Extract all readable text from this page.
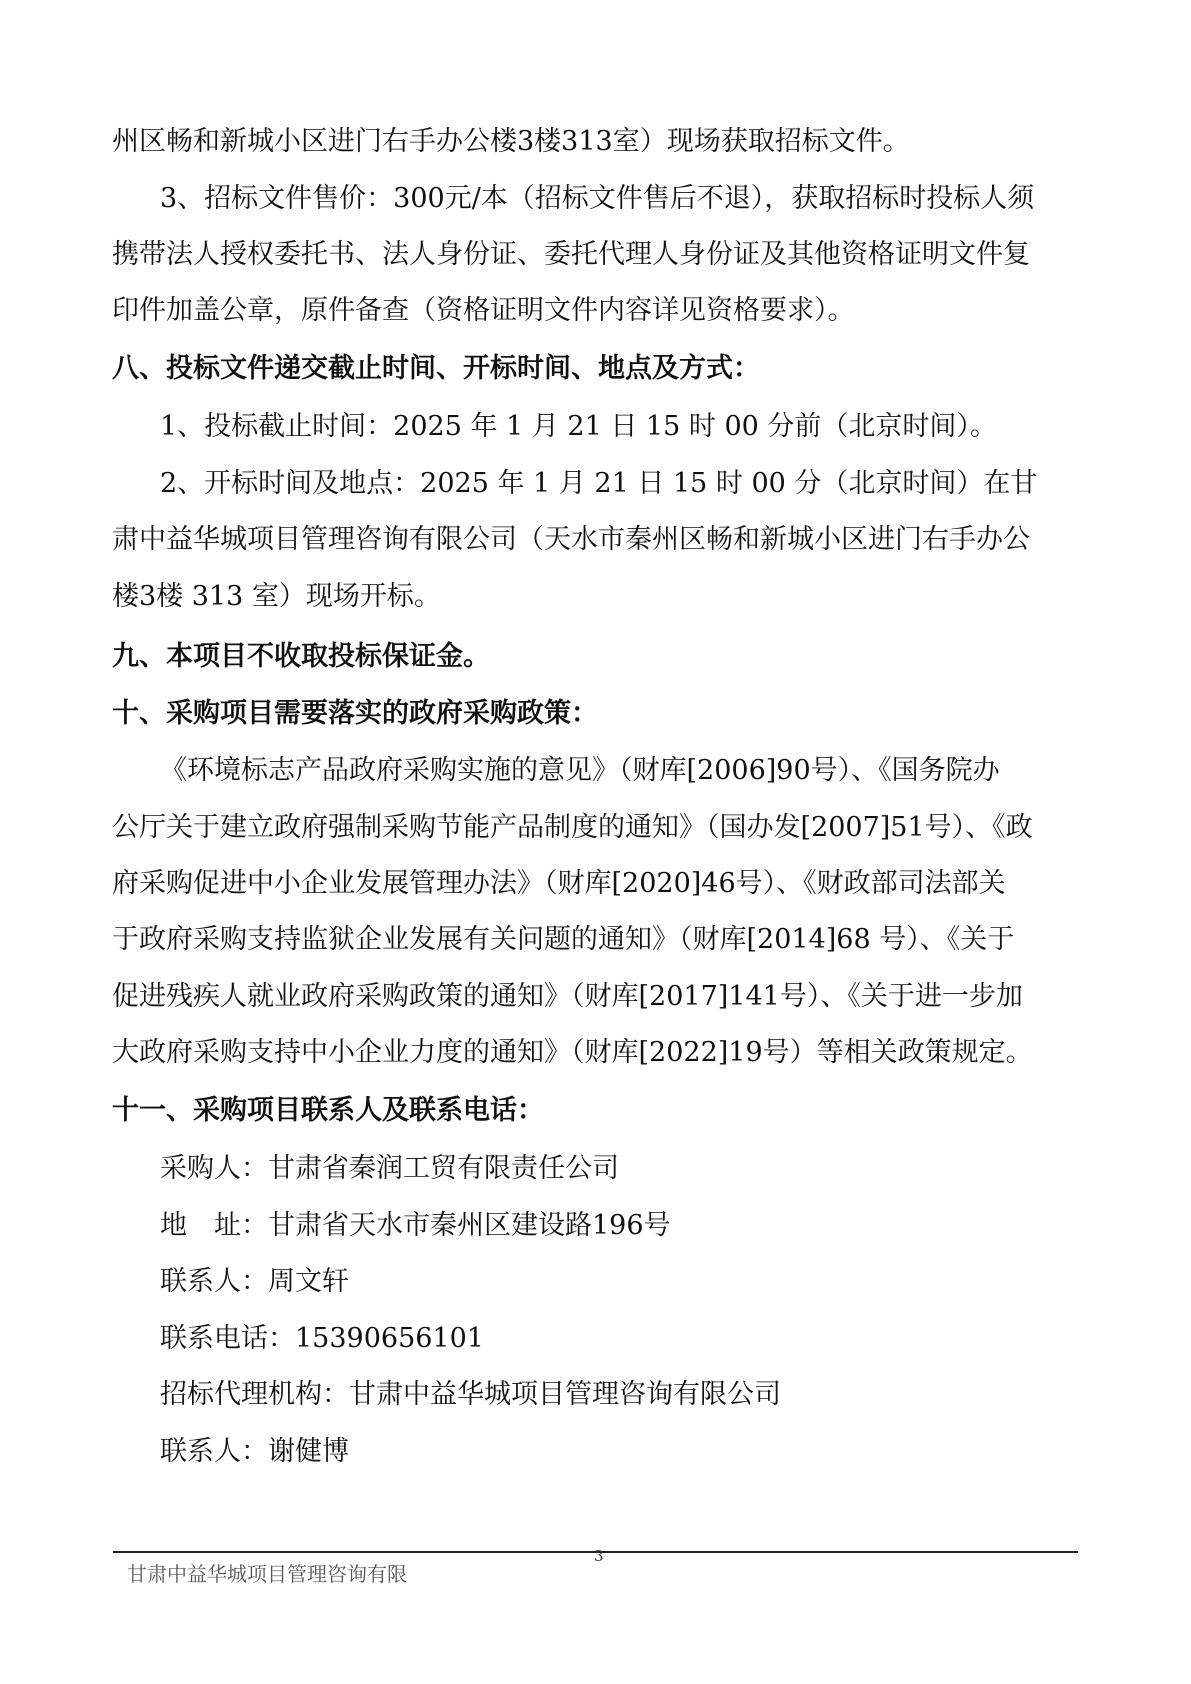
州区畅和新城小区进门右手办公楼3楼313室）现场获取招标文件。
3、招标文件售价：300元/本（招标文件售后不退），获取招标时投标人须
携带法人授权委托书、法人身份证、委托代理人身份证及其他资格证明文件复
印件加盖公章，原件备查（资格证明文件内容详见资格要求）。
八、投标文件递交截止时间、开标时间、地点及方式：
1、投标截止时间：2025 年 1 月 21 日 15 时 00 分前（北京时间）。
2、开标时间及地点：2025 年 1 月 21 日 15 时 00 分（北京时间）在甘
肃中益华城项目管理咨询有限公司（天水市秦州区畅和新城小区进门右手办公
楼3楼 313 室）现场开标。
九、本项目不收取投标保证金。
十、采购项目需要落实的政府采购政策：
《环境标志产品政府采购实施的意见》（财库[2006]90号）、《国务院办
公厅关于建立政府强制采购节能产品制度的通知》（国办发[2007]51号）、《政
府采购促进中小企业发展管理办法》（财库[2020]46号）、《财政部司法部关
于政府采购支持监狱企业发展有关问题的通知》（财库[2014]68 号）、《关于
促进残疾人就业政府采购政策的通知》（财库[2017]141号）、《关于进一步加
大政府采购支持中小企业力度的通知》（财库[2022]19号）等相关政策规定。
十一、采购项目联系人及联系电话：
采购人：甘肃省秦润工贸有限责任公司
地　址：甘肃省天水市秦州区建设路196号
联系人：周文轩
联系电话：15390656101
招标代理机构：甘肃中益华城项目管理咨询有限公司
联系人：谢健博
3
甘肃中益华城项目管理咨询有限
